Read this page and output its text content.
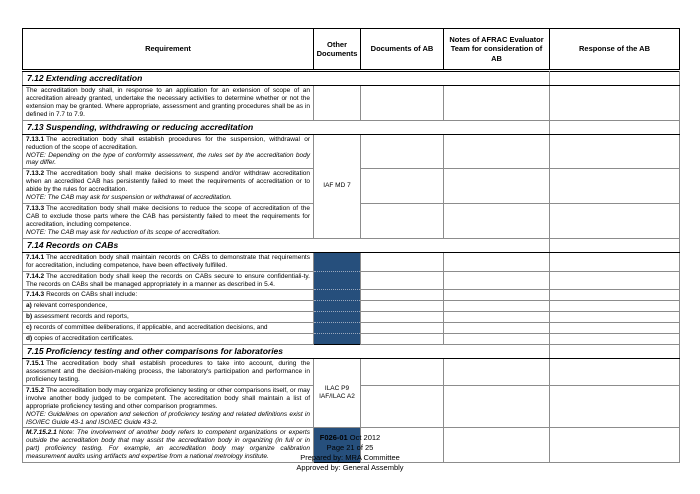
Requirement	Other Documents	Documents of AB	Notes of AFRAC Evaluator Team for consideration of AB	Response of the AB
7.12 Extending accreditation				
The accreditation body shall, in response to an application for an extension of scope of an accreditation already granted, undertake the necessary activities to determine whether or not the extension may be granted. Where appropriate, assessment and granting procedures shall be as in defined in 7.7 to 7.9.				
7.13 Suspending, withdrawing or reducing accreditation				
7.13.1 The accreditation body shall establish procedures for the suspension, withdrawal or reduction of the scope of accreditation.
NOTE: Depending on the type of conformity assessment, the rules set by the accreditation body may differ.	IAF MD 7			

7.13.2 The accreditation body shall make decisions to suspend and/or withdraw accreditation when an accredited CAB has persistently failed to meet the requirements of accreditation or to abide by the rules for accreditation.
NOTE: The CAB may ask for suspension or withdrawal of accreditation.				

7.13.3 The accreditation body shall make decisions to reduce the scope of accreditation of the CAB to exclude those parts where the CAB has persistently failed to meet the requirements for accreditation, including competence.
NOTE: The CAB may ask for reduction of its scope of accreditation.				

7.14 Records on CABs				
7.14.1 The accreditation body shall maintain records on CABs to demonstrate that requirements for accreditation, including competence, have been effectively fulfilled.				
7.14.2 The accreditation body shall keep the records on CABs secure to ensure confidentiali-ty. The records on CABs shall be managed appropriately in a manner as described in 5.4.				
7.14.3 Records on CABs shall include:				
a) relevant correspondence,				
b) assessment records and reports,				
c) records of committee deliberations, if applicable, and accreditation decisions, and				
d) copies of accreditation certificates.				
7.15 Proficiency testing and other comparisons for laboratories				
7.15.1 The accreditation body shall establish procedures to take into account, during the assessment and the decision-making process, the laboratory's participation and performance in proficiency testing.	ILAC P9
IAF/ILAC A2			

7.15.2 The accreditation body may organize proficiency testing or other comparisons itself, or may involve another body judged to be competent. The accreditation body shall maintain a list of appropriate proficiency testing and other comparison programmes.
NOTE: Guidelines on operation and selection of proficiency testing and related definitions exist in ISO/IEC Guide 43-1 and ISO/IEC Guide 43-2.				

M.7.15.2.1 Note: The involvement of another body refers to competent organizations or experts outside the accreditation body that may assist the accreditation body in organizing (in full or in part) proficiency testing. For example, an accreditation body may organize calibration measurement audits using artifacts and expertise from a national metrology institute.				
F026-01 Oct 2012
Page 21 of 25
Prepared by: MRA Committee
Approved by: General Assembly
